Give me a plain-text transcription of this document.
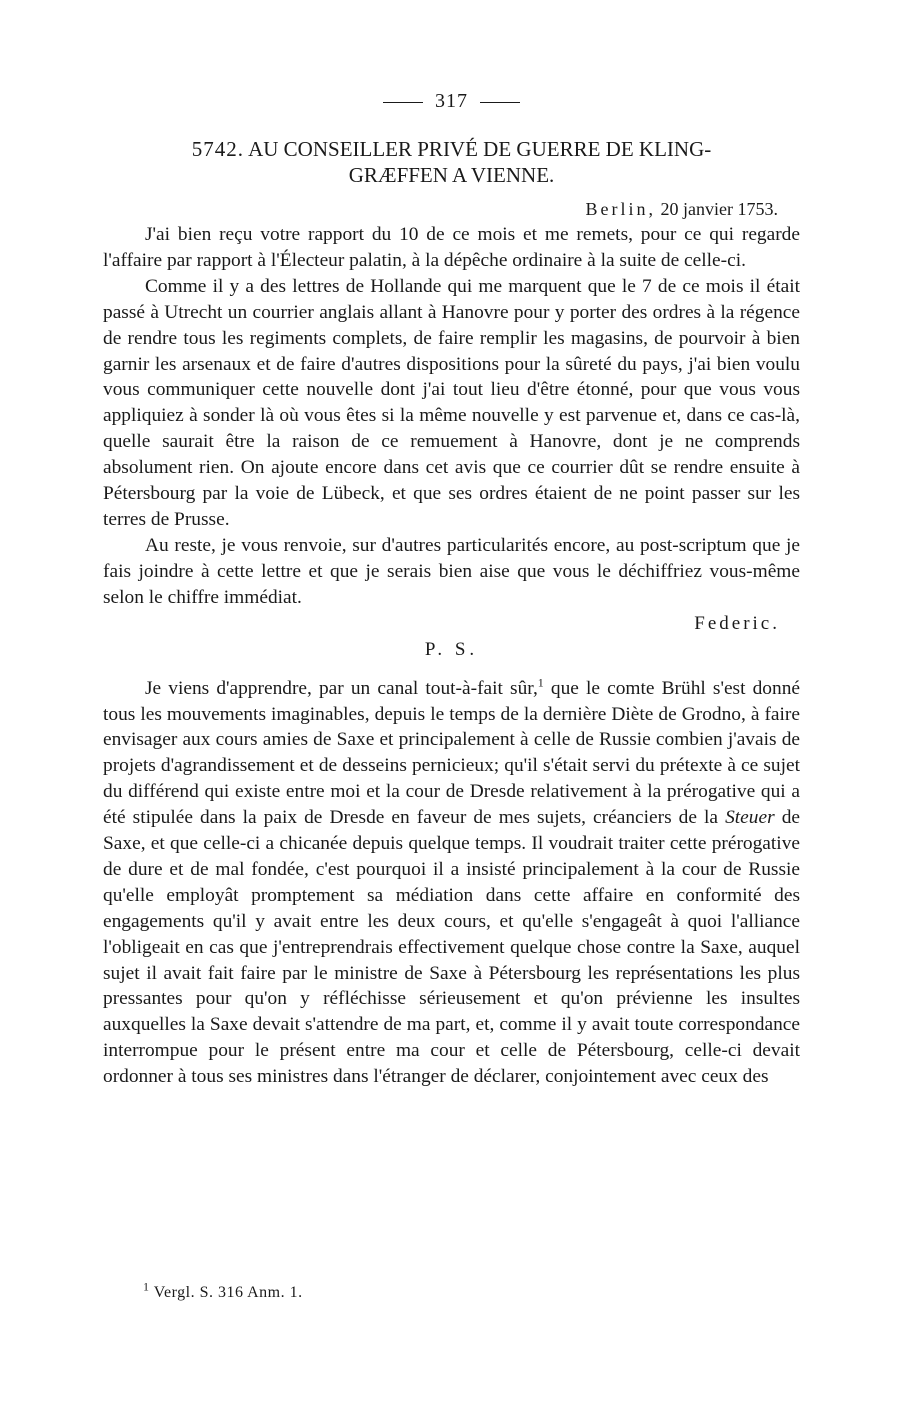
317
5742. AU CONSEILLER PRIVÉ DE GUERRE DE KLING-
GRÆFFEN A VIENNE.
Berlin, 20 janvier 1753.

J'ai bien reçu votre rapport du 10 de ce mois et me remets, pour ce qui regarde l'affaire par rapport à l'Électeur palatin, à la dépêche ordinaire à la suite de celle-ci.

Comme il y a des lettres de Hollande qui me marquent que le 7 de ce mois il était passé à Utrecht un courrier anglais allant à Hanovre pour y porter des ordres à la régence de rendre tous les regiments complets, de faire remplir les magasins, de pourvoir à bien garnir les arsenaux et de faire d'autres dispositions pour la sûreté du pays, j'ai bien voulu vous communiquer cette nouvelle dont j'ai tout lieu d'être étonné, pour que vous vous appliquiez à sonder là où vous êtes si la même nouvelle y est parvenue et, dans ce cas-là, quelle saurait être la raison de ce remuement à Hanovre, dont je ne comprends absolument rien. On ajoute encore dans cet avis que ce courrier dût se rendre ensuite à Pétersbourg par la voie de Lübeck, et que ses ordres étaient de ne point passer sur les terres de Prusse.

Au reste, je vous renvoie, sur d'autres particularités encore, au post-scriptum que je fais joindre à cette lettre et que je serais bien aise que vous le déchiffriez vous-même selon le chiffre immédiat.

Federic.
P. S.

Je viens d'apprendre, par un canal tout-à-fait sûr,$^1$ que le comte Brühl s'est donné tous les mouvements imaginables, depuis le temps de la dernière Diète de Grodno, à faire envisager aux cours amies de Saxe et principalement à celle de Russie combien j'avais de projets d'agrandissement et de desseins pernicieux; qu'il s'était servi du prétexte à ce sujet du différend qui existe entre moi et la cour de Dresde relativement à la prérogative qui a été stipulée dans la paix de Dresde en faveur de mes sujets, créanciers de la Steuer de Saxe, et que celle-ci a chicanée depuis quelque temps. Il voudrait traiter cette prérogative de dure et de mal fondée, c'est pourquoi il a insisté principalement à la cour de Russie qu'elle employât promptement sa médiation dans cette affaire en conformité des engagements qu'il y avait entre les deux cours, et qu'elle s'engageât à quoi l'alliance l'obligeait en cas que j'entreprendrais effectivement quelque chose contre la Saxe, auquel sujet il avait fait faire par le ministre de Saxe à Pétersbourg les représentations les plus pressantes pour qu'on y réfléchisse sérieusement et qu'on prévienne les insultes auxquelles la Saxe devait s'attendre de ma part, et, comme il y avait toute correspondance interrompue pour le présent entre ma cour et celle de Pétersbourg, celle-ci devait ordonner à tous ses ministres dans l'étranger de déclarer, conjointement avec ceux des

$^1$ Vergl. S. 316 Anm. 1.
